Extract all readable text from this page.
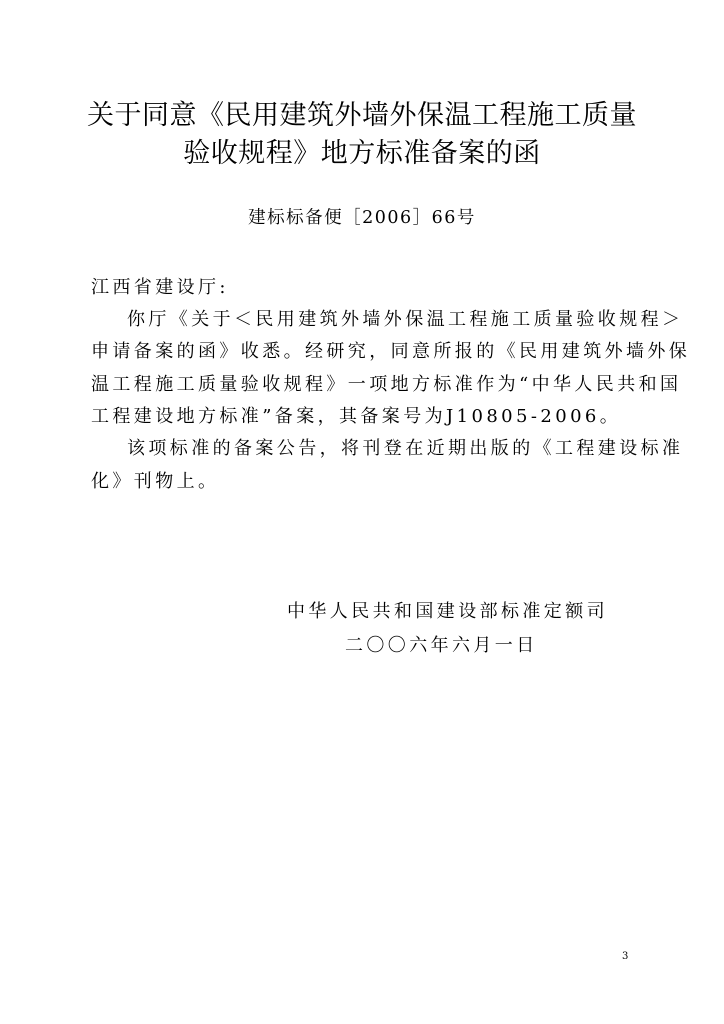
关于同意《民用建筑外墙外保温工程施工质量
验收规程》地方标准备案的函
建标标备便［2006］66号
江西省建设厅:
你厅《关于＜民用建筑外墙外保温工程施工质量验收规程＞
申请备案的函》收悉。经研究，同意所报的《民用建筑外墙外保
温工程施工质量验收规程》一项地方标准作为“中华人民共和国
工程建设地方标准”备案，其备案号为J10805-2006。
该项标准的备案公告，将刊登在近期出版的《工程建设标准
化》刊物上。
中华人民共和国建设部标准定额司
二〇〇六年六月一日
3
